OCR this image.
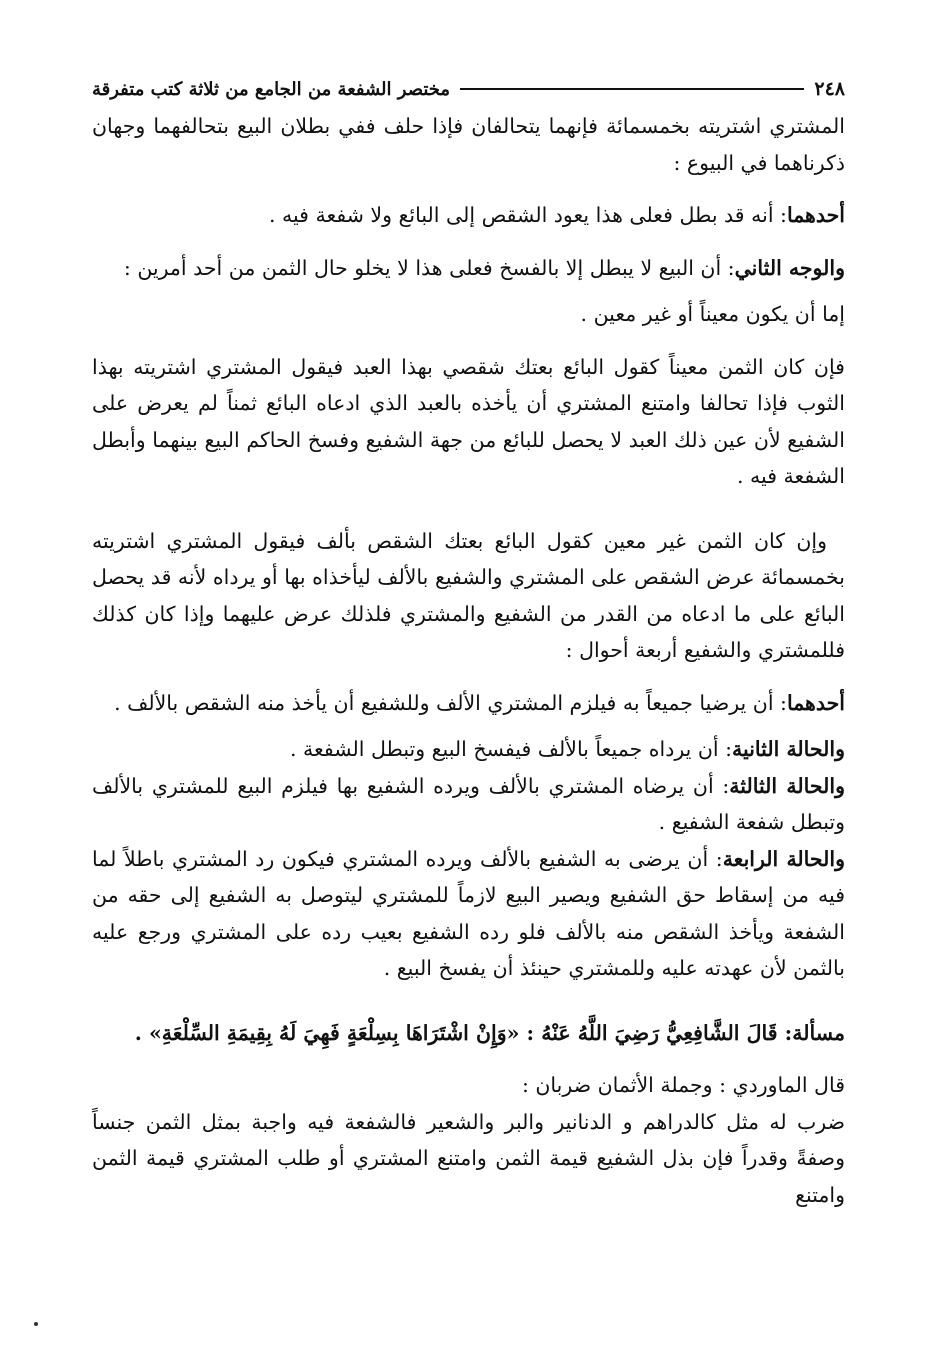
٢٤٨
مختصر الشفعة من الجامع من ثلاثة كتب متفرقة

المشتري اشتريته بخمسمائة فإنهما يتحالفان فإذا حلف ففي بطلان البيع بتحالفهما وجهان ذكرناهما في البيوع :

أحدهما: أنه قد بطل فعلى هذا يعود الشقص إلى البائع ولا شفعة فيه .

والوجه الثاني: أن البيع لا يبطل إلا بالفسخ فعلى هذا لا يخلو حال الثمن من أحد أمرين :

إما أن يكون معيناً أو غير معين .

فإن كان الثمن معيناً كقول البائع بعتك شقصي بهذا العبد فيقول المشتري اشتريته بهذا الثوب فإذا تحالفا وامتنع المشتري أن يأخذه بالعبد الذي ادعاه البائع ثمناً لم يعرض على الشفيع لأن عين ذلك العبد لا يحصل للبائع من جهة الشفيع وفسخ الحاكم البيع بينهما وأبطل الشفعة فيه .

وإن كان الثمن غير معين كقول البائع بعتك الشقص بألف فيقول المشتري اشتريته بخمسمائة عرض الشقص على المشتري والشفيع بالألف ليأخذاه بها أو يرداه لأنه قد يحصل البائع على ما ادعاه من القدر من الشفيع والمشتري فلذلك عرض عليهما وإذا كان كذلك فللمشتري والشفيع أربعة أحوال :

أحدهما: أن يرضيا جميعاً به فيلزم المشتري الألف وللشفيع أن يأخذ منه الشقص بالألف .

والحالة الثانية: أن يرداه جميعاً بالألف فيفسخ البيع وتبطل الشفعة .

والحالة الثالثة: أن يرضاه المشتري بالألف ويرده الشفيع بها فيلزم البيع للمشتري بالألف وتبطل شفعة الشفيع .

والحالة الرابعة: أن يرضى به الشفيع بالألف ويرده المشتري فيكون رد المشتري باطلاً لما فيه من إسقاط حق الشفيع ويصير البيع لازماً للمشتري ليتوصل به الشفيع إلى حقه من الشفعة ويأخذ الشقص منه بالألف فلو رده الشفيع بعيب رده على المشتري ورجع عليه بالثمن لأن عهدته عليه وللمشتري حينئذ أن يفسخ البيع .

مسألة: قَالَ الشَّافِعِيُّ رَضِيَ اللَّهُ عَنْهُ : «وَإِنْ اشْتَرَاهَا بِسِلْعَةٍ فَهِيَ لَهُ بِقِيمَةِ السِّلْعَةِ» .

قال الماوردي : وجملة الأثمان ضربان :

ضرب له مثل كالدراهم و الدنانير والبر والشعير فالشفعة فيه واجبة بمثل الثمن جنساً وصفةً وقدراً فإن بذل الشفيع قيمة الثمن وامتنع المشتري أو طلب المشتري قيمة الثمن وامتنع
